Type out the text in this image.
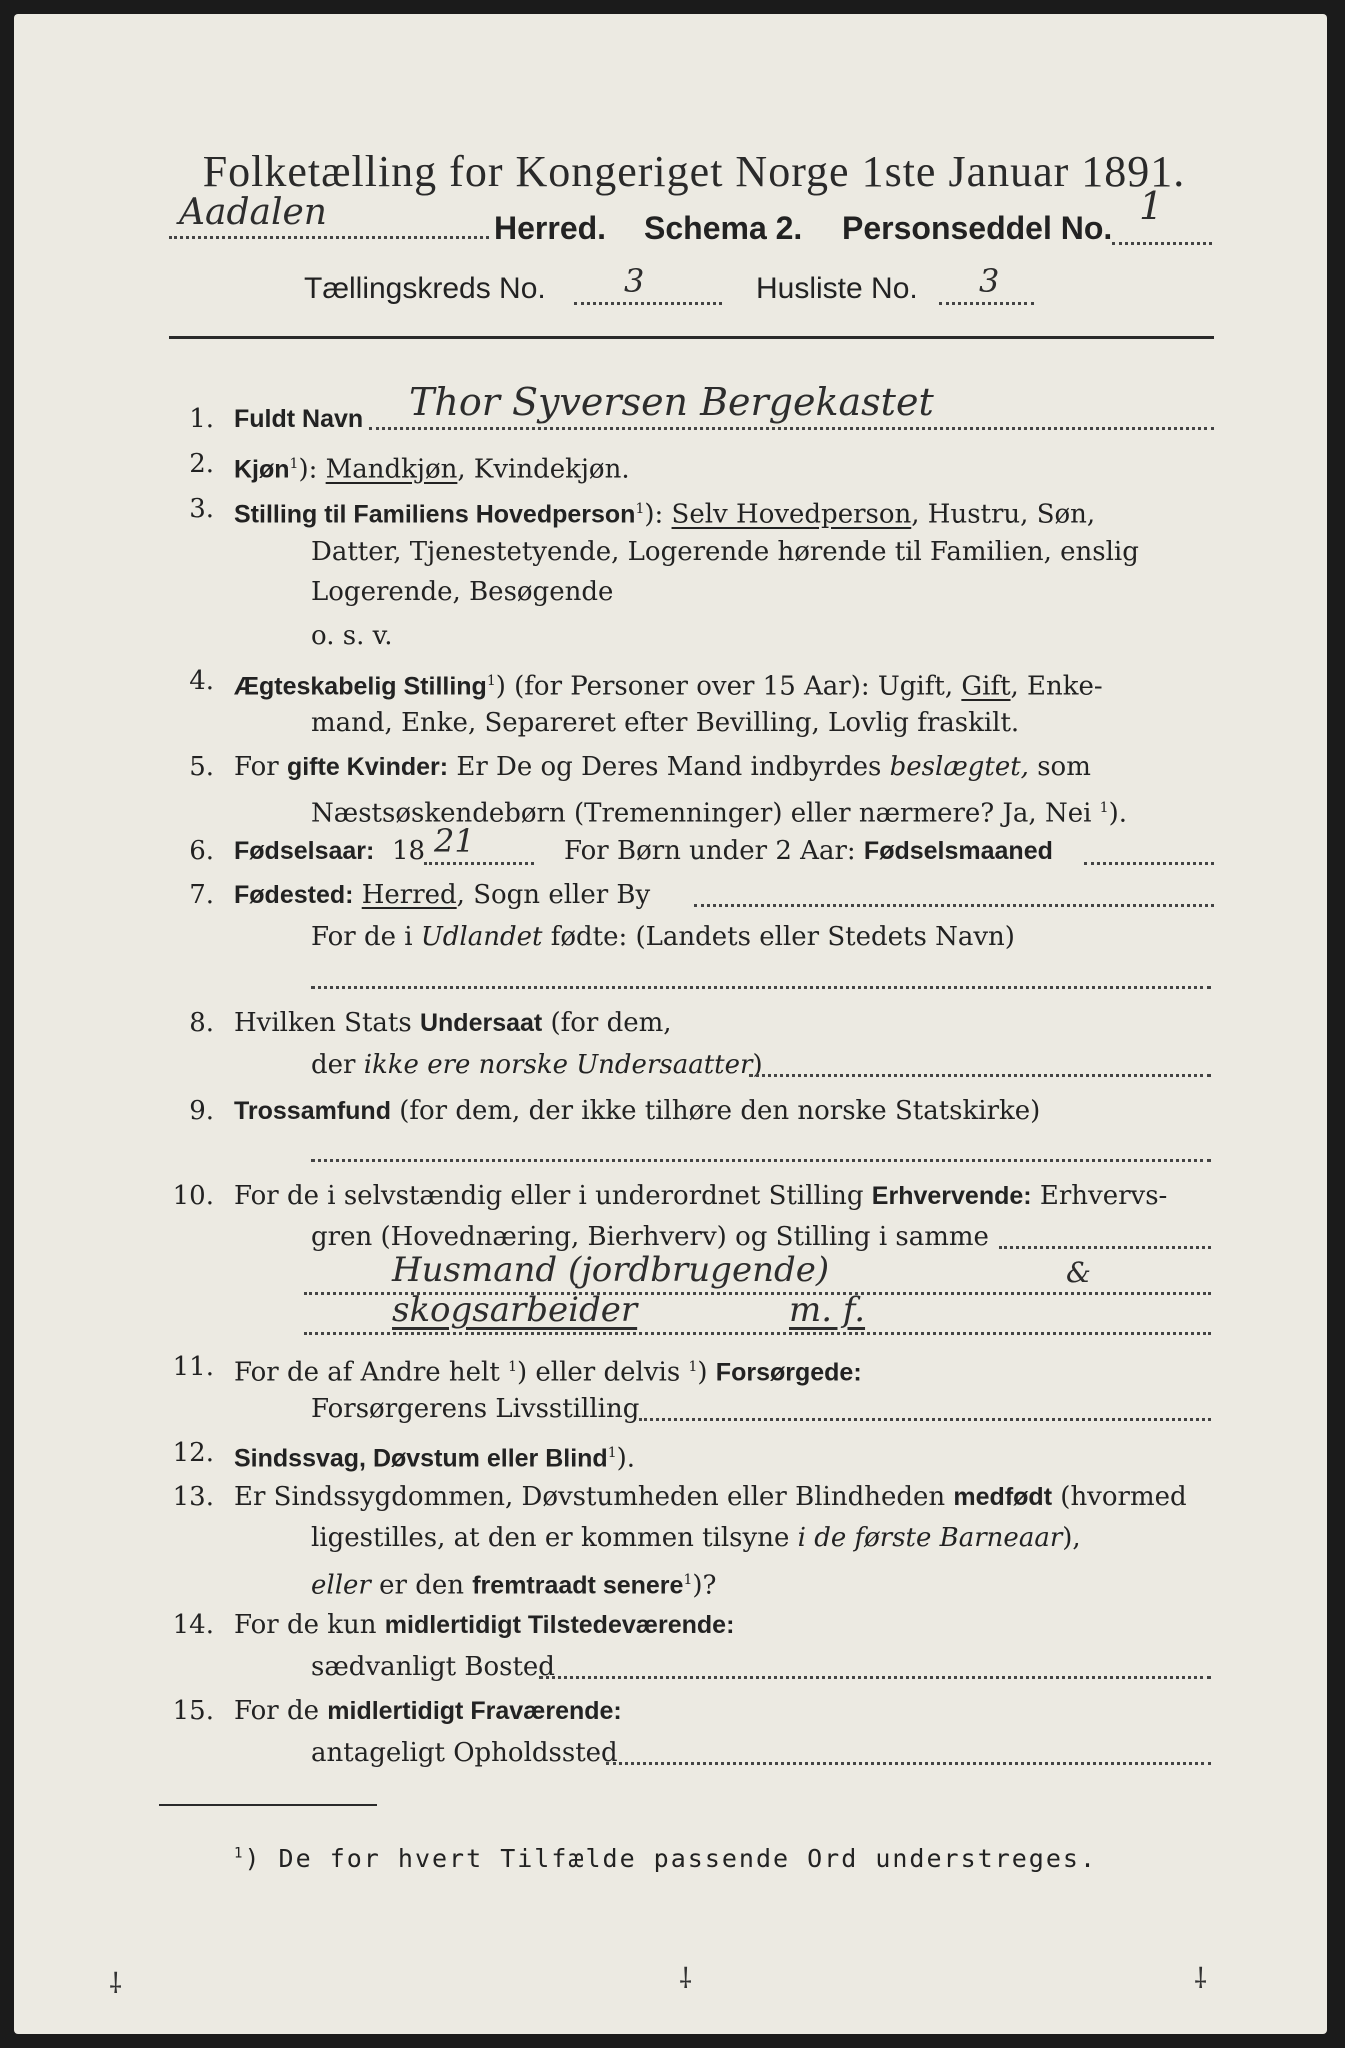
Folketælling for Kongeriget Norge 1ste Januar 1891.
Aadalen	Herred. Schema 2. Personseddel No. 1
Tællingskreds No. 3	Husliste No. 3
1. Fuldt Navn Thor Syversen Bergekastet
2. Kjøn$^1$): Mandkjøn, Kvindekjøn.
3. Stilling til Familiens Hovedperson$^1$): Selv Hovedperson, Hustru, Søn,
Datter, Tjenestetyende, Logerende hørende til Familien, enslig
Logerende, Besøgende
o. s. v.
4. Ægteskabelig Stilling$^1$) (for Personer over 15 Aar): Ugift, Gift, Enke-
mand, Enke, Separeret efter Bevilling, Lovlig fraskilt.
5. For gifte Kvinder: Er De og Deres Mand indbyrdes beslægtet, som
Næstsøskendebørn (Tremenninger) eller nærmere? Ja, Nei $^1$).
6. Fødselsaar: 18	For Børn under 2 Aar: Fødselsmaaned
21
7. Fødested: Herred, Sogn eller By
For de i Udlandet fødte: (Landets eller Stedets Navn)
8. Hvilken Stats Undersaat (for dem,
der ikke ere norske Undersaatter)
9. Trossamfund (for dem, der ikke tilhøre den norske Statskirke)
10. For de i selvstændig eller i underordnet Stilling Erhvervende: Erhvervs-
gren (Hovednæring, Bierhverv) og Stilling i samme
Husmand (jordbrugende)	&
skogsarbeider	m. f.
11. For de af Andre helt $^1$) eller delvis $^1$) Forsørgede:
Forsørgerens Livsstilling
12. Sindssvag, Døvstum eller Blind$^1$).
13. Er Sindssygdommen, Døvstumheden eller Blindheden medfødt (hvormed
ligestilles, at den er kommen tilsyne i de første Barneaar),
eller er den fremtraadt senere$^1$)?
14. For de kun midlertidigt Tilstedeværende:
sædvanligt Bosted
15. For de midlertidigt Fraværende:
antageligt Opholdssted
$^1$) De for hvert Tilfælde passende Ord understreges.
⸸	⸸	⸸
